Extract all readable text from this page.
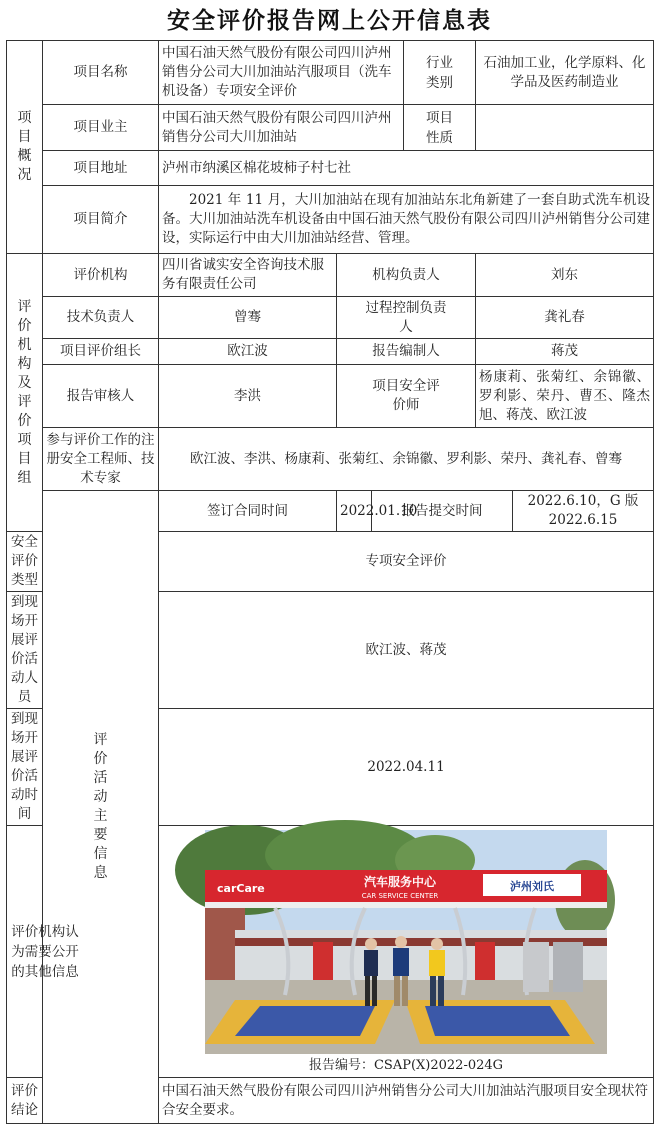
安全评价报告网上公开信息表
项目概况	项目名称	中国石油天然气股份有限公司四川泸州销售分公司大川加油站汽服项目（洗车机设备）专项安全评价			行业类别	石油加工业，化学原料、化学品及医药制造业	
	项目业主	中国石油天然气股份有限公司四川泸州销售分公司大川加油站			项目性质		

	项目地址	泸州市纳溪区棉花坡柿子村七社					
	项目简介	2021 年 11 月，大川加油站在现有加油站东北角新建了一套自助式洗车机设备。大川加油站洗车机设备由中国石油天然气股份有限公司四川泸州销售分公司建设，实际运行中由大川加油站经营、管理。					

评价机构及评价项目组	评价机构	四川省诚实安全咨询技术服务有限责任公司	机构负责人			刘东	
	技术负责人	曾骞	过程控制负责人			龚礼春	
	项目评价组长	欧江波	报告编制人			蒋茂	
	报告审核人	李洪	项目安全评价师			杨康莉、张菊红、余锦徽、罗利影、荣丹、曹丕、隆杰旭、蒋茂、欧江波	
	参与评价工作的注册安全工程师、技术专家	欧江波、李洪、杨康莉、张菊红、余锦徽、罗利影、荣丹、龚礼春、曾骞					

	评价活动主要信息	签订合同时间	2022.01.10	报告提交时间			2022.6.10，G 版 2022.6.15
安全评价类型		专项安全评价					
到现场开展评价活动人员		欧江波、蒋茂					
到现场开展评价活动时间		2022.04.11					

评价机构认为需要公开的其他信息		carCare 汽车服务中心
CAR SERVICE CENTER
泸州刘氏
报告编号：CSAP(X)2022-024G					

评价结论		中国石油天然气股份有限公司四川泸州销售分公司大川加油站汽服项目安全现状符合安全要求。					
